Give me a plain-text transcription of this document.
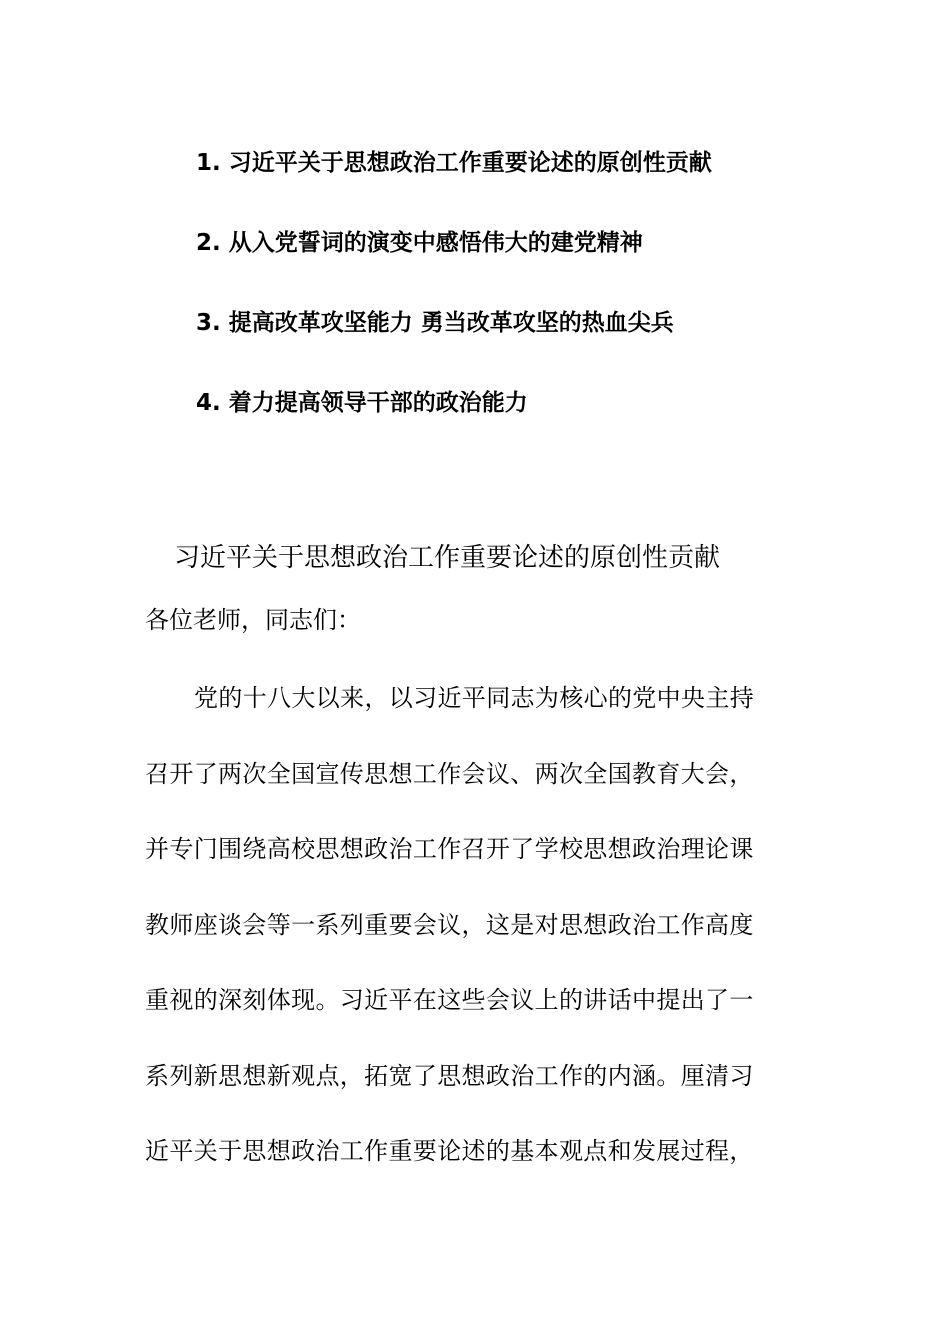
1. 习近平关于思想政治工作重要论述的原创性贡献
2. 从入党誓词的演变中感悟伟大的建党精神
3. 提高改革攻坚能力 勇当改革攻坚的热血尖兵
4. 着力提高领导干部的政治能力
习近平关于思想政治工作重要论述的原创性贡献
各位老师，同志们：
党的十八大以来，以习近平同志为核心的党中央主持
召开了两次全国宣传思想工作会议、两次全国教育大会，
并专门围绕高校思想政治工作召开了学校思想政治理论课
教师座谈会等一系列重要会议，这是对思想政治工作高度
重视的深刻体现。习近平在这些会议上的讲话中提出了一
系列新思想新观点，拓宽了思想政治工作的内涵。厘清习
近平关于思想政治工作重要论述的基本观点和发展过程，
